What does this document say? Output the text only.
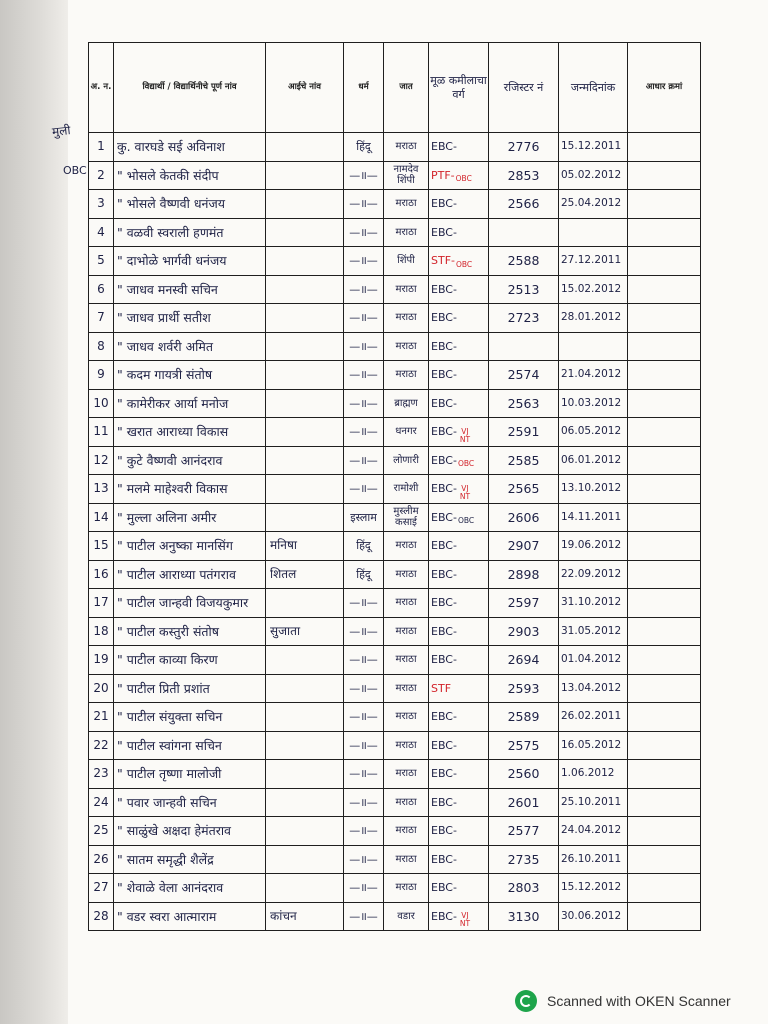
मुली
OBC
अ. न.	विद्यार्थी / विद्यार्थिनीचे पूर्ण नांव	आईचे नांव	धर्म	जात	मूळ कमीलाचा वर्ग	रजिस्टर नं	जन्मदिनांक	आधार क्रमां

1	कु. वारघडे सई अविनाश		हिंदू	मराठा	EBC-	2776	15.12.2011	

2	" भोसले केतकी संदीप		—॥—	नामदेव शिंपी	PTF- OBC	2853	05.02.2012	

3	" भोसले वैष्णवी धनंजय		—॥—	मराठा	EBC-	2566	25.04.2012	

4	" वळवी स्वराली हणमंत		—॥—	मराठा	EBC-			

5	" दाभोळे भार्गवी धनंजय		—॥—	शिंपी	STF- OBC	2588	27.12.2011	

6	" जाधव मनस्वी सचिन		—॥—	मराठा	EBC-	2513	15.02.2012	

7	" जाधव प्रार्थी सतीश		—॥—	मराठा	EBC-	2723	28.01.2012	

8	" जाधव शर्वरी अमित		—॥—	मराठा	EBC-			

9	" कदम गायत्री संतोष		—॥—	मराठा	EBC-	2574	21.04.2012	

10	" कामेरीकर आर्या मनोज		—॥—	ब्राह्मण	EBC-	2563	10.03.2012	

11	" खरात आराध्या विकास		—॥—	धनगर	EBC- VJ NT	2591	06.05.2012	

12	" कुटे वैष्णवी आनंदराव		—॥—	लोणारी	EBC- OBC	2585	06.01.2012	

13	" मलमे माहेश्वरी विकास		—॥—	रामोशी	EBC- VJ NT	2565	13.10.2012	

14	" मुल्ला अलिना अमीर		इस्लाम	मुस्लीम कसाई	EBC- OBC	2606	14.11.2011	

15	" पाटील अनुष्का मानसिंग	मनिषा	हिंदू	मराठा	EBC-	2907	19.06.2012	

16	" पाटील आराध्या पतंगराव	शितल	हिंदू	मराठा	EBC-	2898	22.09.2012	

17	" पाटील जान्हवी विजयकुमार		—॥—	मराठा	EBC-	2597	31.10.2012	

18	" पाटील कस्तुरी संतोष	सुजाता	—॥—	मराठा	EBC-	2903	31.05.2012	

19	" पाटील काव्या किरण		—॥—	मराठा	EBC-	2694	01.04.2012	

20	" पाटील प्रिती प्रशांत		—॥—	मराठा	STF	2593	13.04.2012	

21	" पाटील संयुक्ता सचिन		—॥—	मराठा	EBC-	2589	26.02.2011	

22	" पाटील स्वांगना सचिन		—॥—	मराठा	EBC-	2575	16.05.2012	

23	" पाटील तृष्णा मालोजी		—॥—	मराठा	EBC-	2560	1.06.2012	

24	" पवार जान्हवी सचिन		—॥—	मराठा	EBC-	2601	25.10.2011	

25	" साळुंखे अक्षदा हेमंतराव		—॥—	मराठा	EBC-	2577	24.04.2012	

26	" सातम समृद्धी शैलेंद्र		—॥—	मराठा	EBC-	2735	26.10.2011	

27	" शेवाळे वेला आनंदराव		—॥—	मराठा	EBC-	2803	15.12.2012	

28	" वडर स्वरा आत्माराम	कांचन	—॥—	वडार	EBC- VJ NT	3130	30.06.2012	

Scanned with OKEN Scanner
